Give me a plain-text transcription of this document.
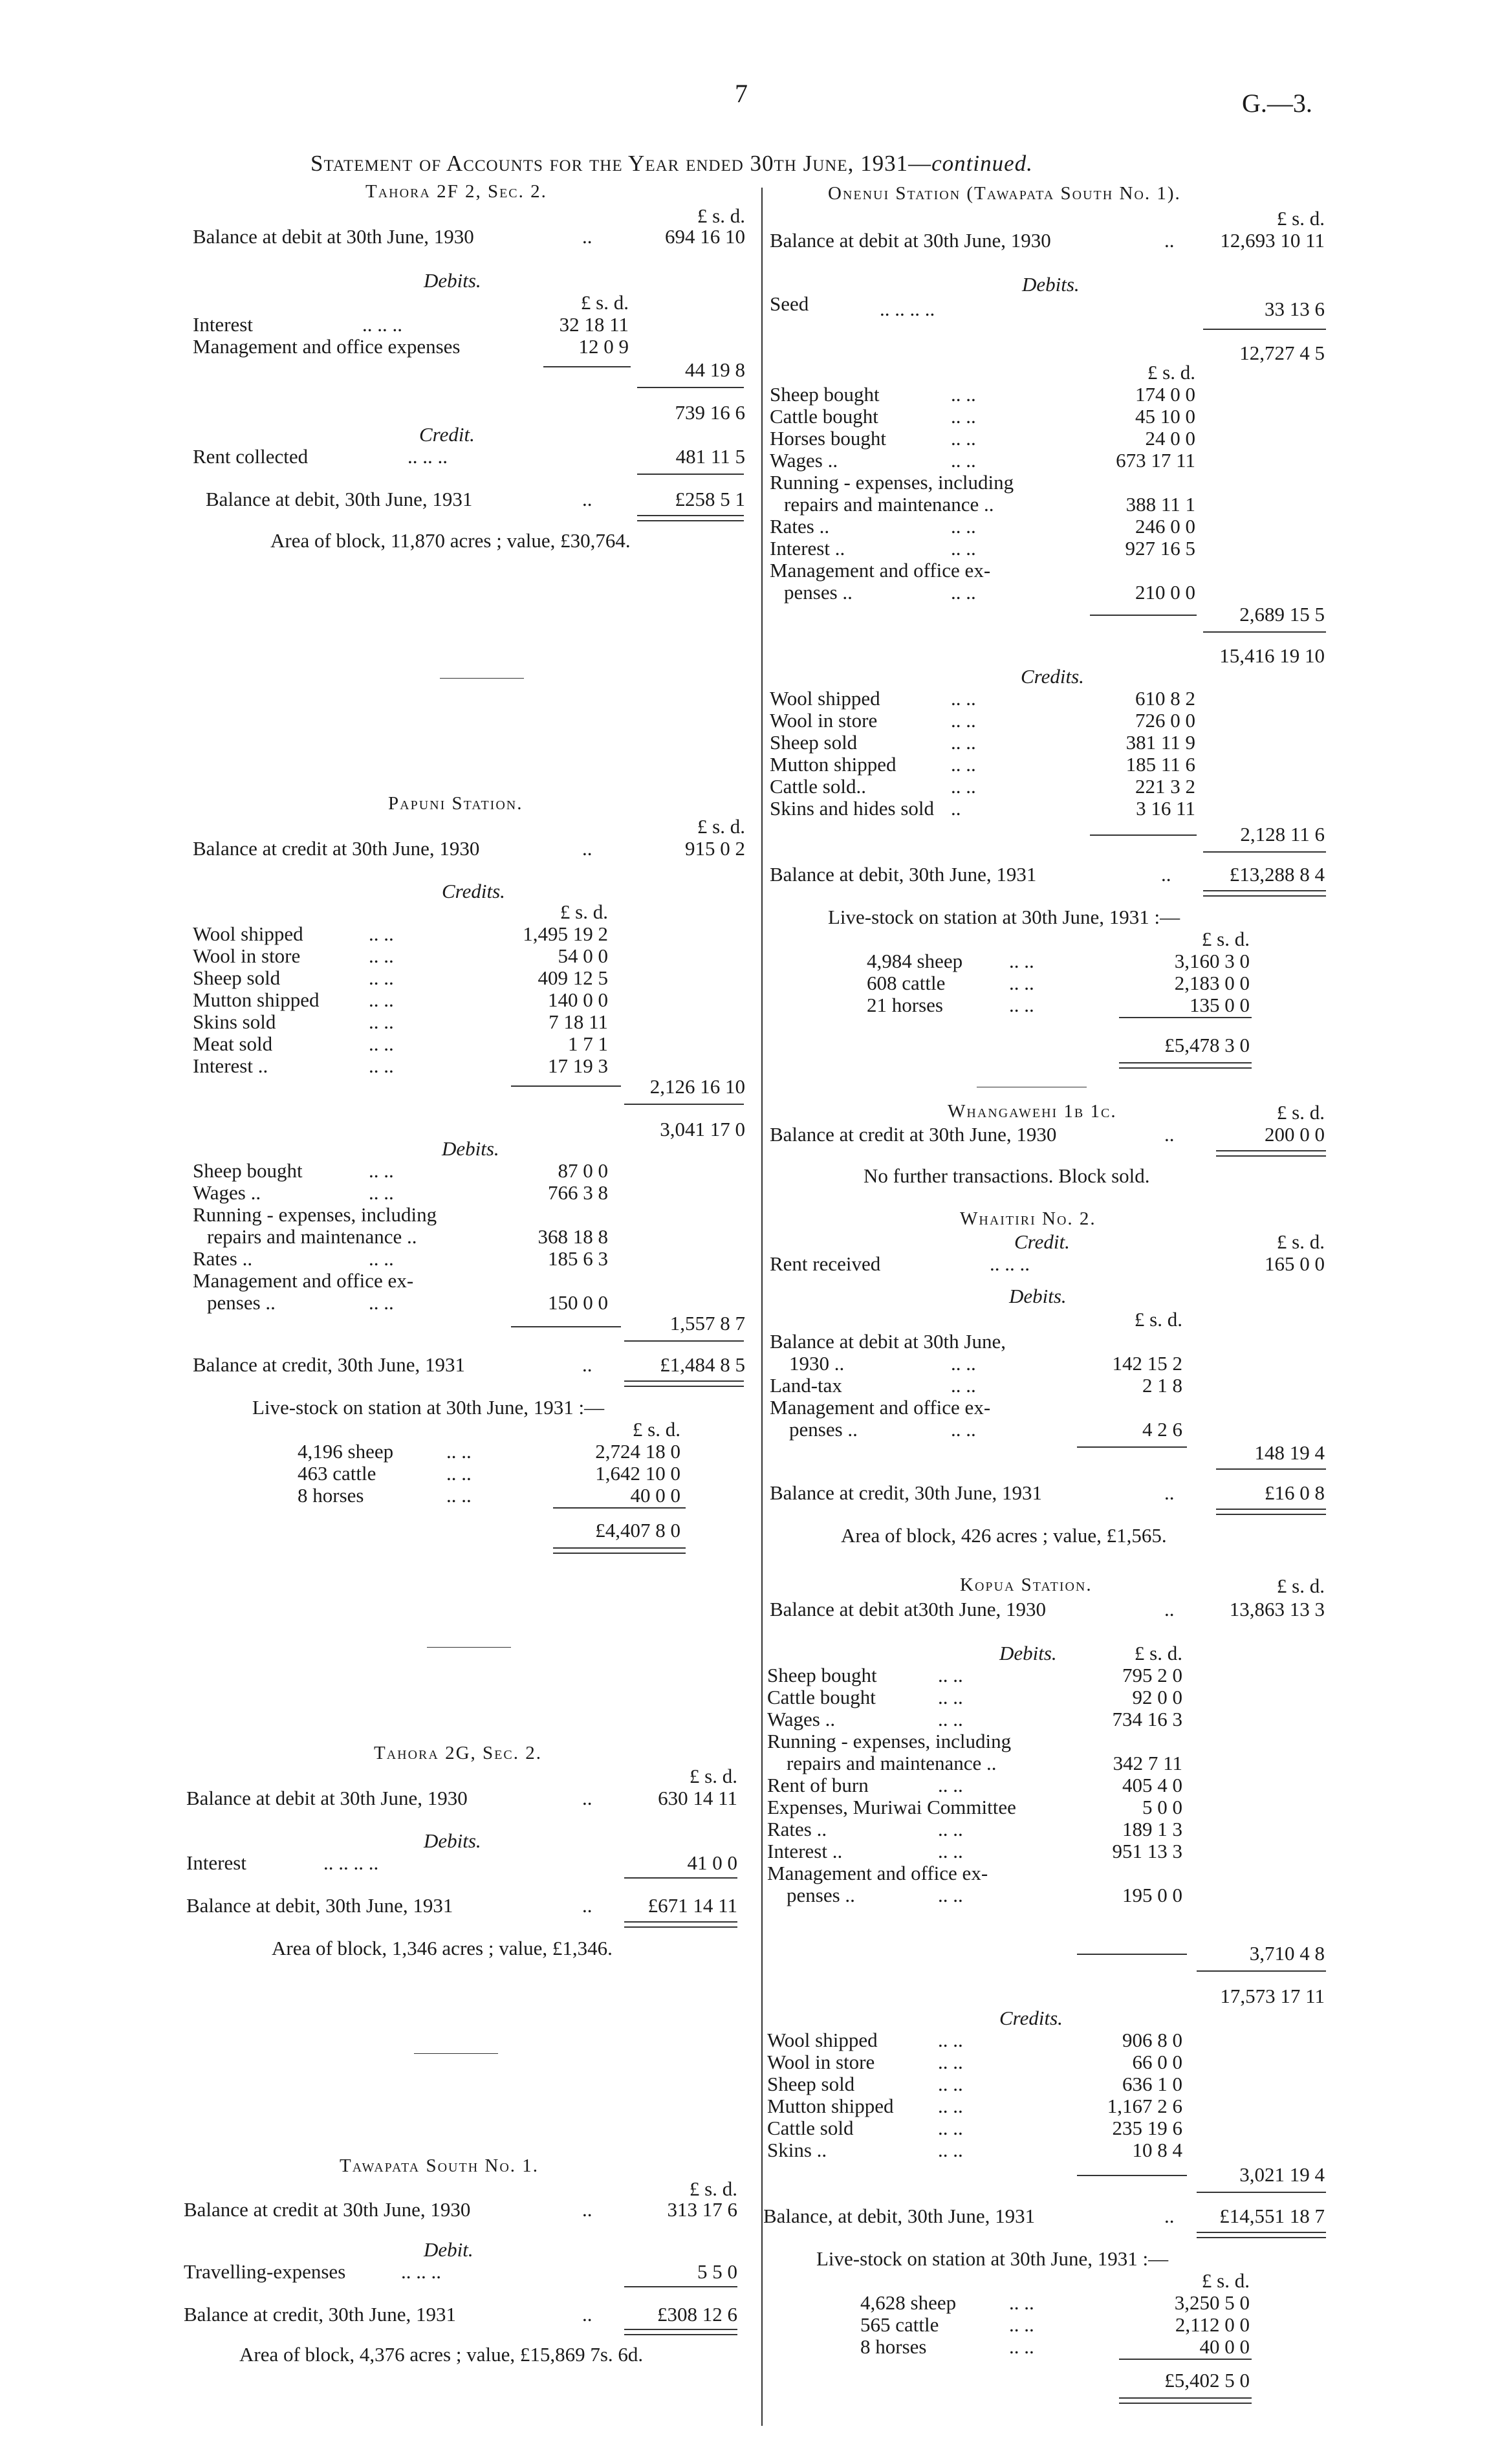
7	G.—3.
Statement of Accounts for the Year ended 30th June, 1931—continued.
Tahora 2F 2, Sec. 2.
£ s. d.
Balance at debit at 30th June, 1930	..	694 16 10
Debits.
£ s. d.
Interest	.. .. ..	32 18 11
Management and office expenses	12 0 9
44 19 8
739 16 6
Credit.
Rent collected	.. .. ..	481 11 5
Balance at debit, 30th June, 1931	..	£258 5 1
Area of block, 11,870 acres ; value, £30,764.
Papuni Station.
£ s. d.
Balance at credit at 30th June, 1930	..	915 0 2
Credits.
£ s. d.
Wool shipped	.. ..	1,495 19 2
Wool in store	.. ..	54 0 0
Sheep sold	.. ..	409 12 5
Mutton shipped .. ..	140 0 0
Skins sold	.. ..	7 18 11
Meat sold	.. ..	1 7 1
Interest ..	.. ..	17 19 3
2,126 16 10
3,041 17 0
Debits.
Sheep bought	.. ..	87 0 0
Wages ..	.. ..	766 3 8
Running - expenses, including
repairs and maintenance ..	368 18 8
Rates ..	.. ..	185 6 3
Management and office ex-
penses ..	.. ..	150 0 0
1,557 8 7
Balance at credit, 30th June, 1931	..	£1,484 8 5
Live-stock on station at 30th June, 1931 :—
£ s. d.
4,196 sheep	.. ..	2,724 18 0
463 cattle	.. ..	1,642 10 0
8 horses	.. ..	40 0 0
£4,407 8 0
Tahora 2G, Sec. 2.
£ s. d.
Balance at debit at 30th June, 1930	..	630 14 11
Debits.
Interest	.. .. .. ..	41 0 0
Balance at debit, 30th June, 1931	..	£671 14 11
Area of block, 1,346 acres ; value, £1,346.
Tawapata South No. 1.
£ s. d.
Balance at credit at 30th June, 1930	..	313 17 6
Debit.
Travelling-expenses	.. .. ..	5 5 0
Balance at credit, 30th June, 1931	..	£308 12 6
Area of block, 4,376 acres ; value, £15,869 7s. 6d.
Onenui Station (Tawapata South No. 1).
£ s. d.
Balance at debit at 30th June, 1930	.. 12,693 10 11
Debits.
Seed	.. .. .. ..	33 13 6
12,727 4 5
£ s. d.
Sheep bought	.. ..	174 0 0
Cattle bought	.. ..	45 10 0
Horses bought	.. ..	24 0 0
Wages ..	.. ..	673 17 11
Running - expenses, including
repairs and maintenance ..	388 11 1
Rates ..	.. ..	246 0 0
Interest ..	.. ..	927 16 5
Management and office ex-
penses ..	.. ..	210 0 0
2,689 15 5
15,416 19 10
Credits.
Wool shipped	.. ..	610 8 2
Wool in store	.. ..	726 0 0
Sheep sold	.. ..	381 11 9
Mutton shipped	.. ..	185 11 6
Cattle sold..	.. ..	221 3 2
Skins and hides sold ..	3 16 11
2,128 11 6
Balance at debit, 30th June, 1931	..	£13,288 8 4
Live-stock on station at 30th June, 1931 :—
£ s. d.
4,984 sheep .. ..	3,160 3 0
608 cattle	.. ..	2,183 0 0
21 horses	.. ..	135 0 0
£5,478 3 0
Whangawehi 1b 1c.	£ s. d.
Balance at credit at 30th June, 1930	..	200 0 0
No further transactions. Block sold.
Whaitiri No. 2.
Credit.	£ s. d.
Rent received	.. .. ..	165 0 0
Debits.
£ s. d.
Balance at debit at 30th June,
1930 ..	.. ..	142 15 2
Land-tax	.. ..	2 1 8
Management and office ex-
penses ..	.. ..	4 2 6
148 19 4
Balance at credit, 30th June, 1931	..	£16 0 8
Area of block, 426 acres ; value, £1,565.
Kopua Station.	£ s. d.
Balance at debit at30th June, 1930	..	13,863 13 3
Debits.	£ s. d.
Sheep bought	.. ..	795 2 0
Cattle bought	.. ..	92 0 0
Wages ..	.. ..	734 16 3
Running - expenses, including
repairs and maintenance ..	342 7 11
Rent of burn	.. ..	405 4 0
Expenses, Muriwai Committee	5 0 0
Rates ..	.. ..	189 1 3
Interest ..	.. ..	951 13 3
Management and office ex-
penses ..	.. ..	195 0 0
3,710 4 8
17,573 17 11
Credits.
Wool shipped	.. ..	906 8 0
Wool in store	.. ..	66 0 0
Sheep sold	.. ..	636 1 0
Mutton shipped .. ..	1,167 2 6
Cattle sold	.. ..	235 19 6
Skins ..	.. ..	10 8 4
3,021 19 4
Balance, at debit, 30th June, 1931	.. £14,551 18 7
Live-stock on station at 30th June, 1931 :—
£ s. d.
4,628 sheep	.. ..	3,250 5 0
565 cattle	.. ..	2,112 0 0
8 horses	.. ..	40 0 0
£5,402 5 0
